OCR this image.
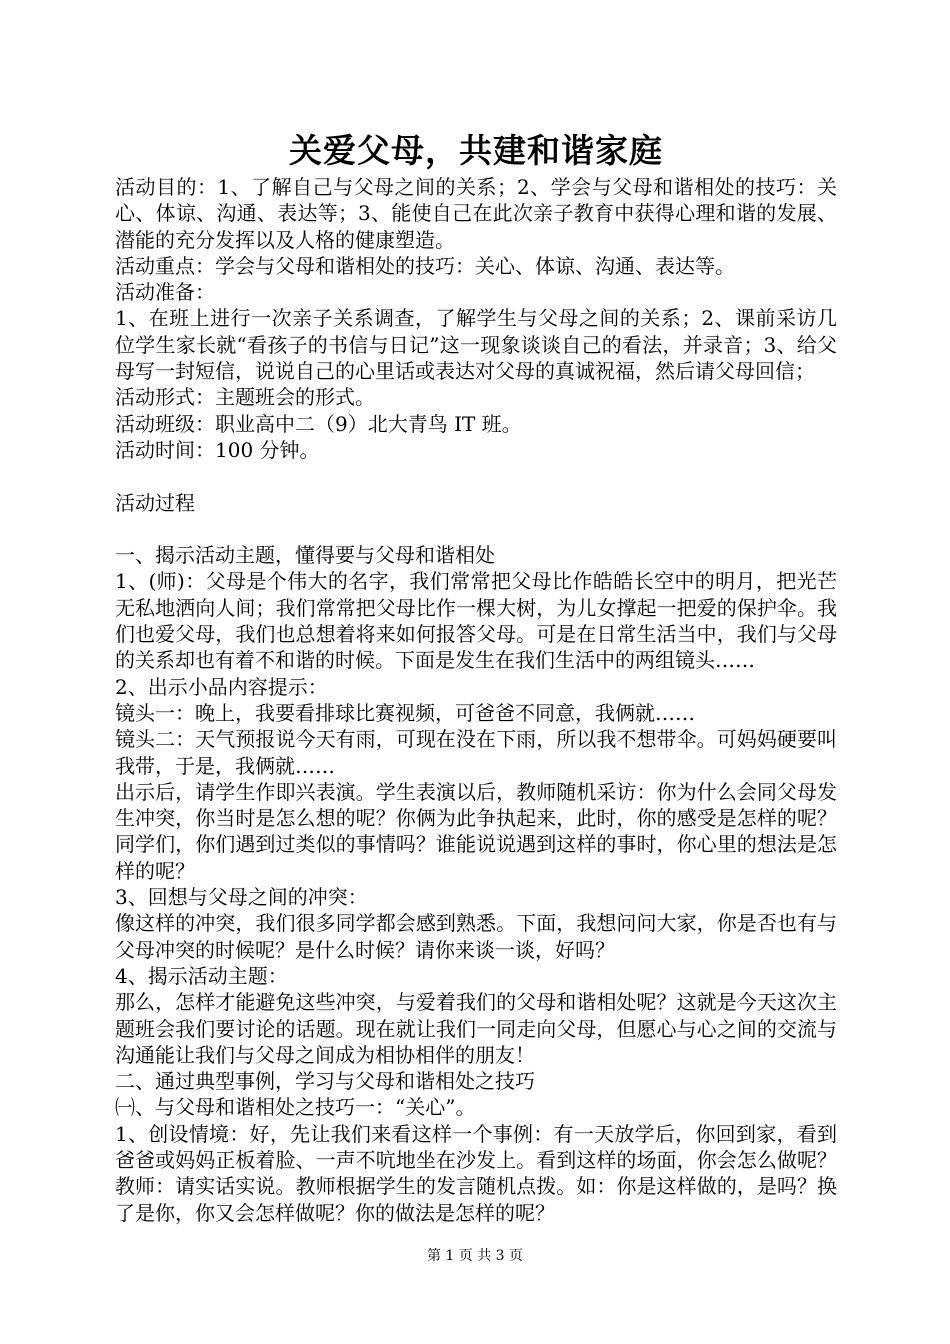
关爱父母，共建和谐家庭

活动目的：1、了解自己与父母之间的关系；2、学会与父母和谐相处的技巧：关心、体谅、沟通、表达等；3、能使自己在此次亲子教育中获得心理和谐的发展、潜能的充分发挥以及人格的健康塑造。

活动重点：学会与父母和谐相处的技巧：关心、体谅、沟通、表达等。

活动准备：

1、在班上进行一次亲子关系调查，了解学生与父母之间的关系；2、课前采访几位学生家长就“看孩子的书信与日记”这一现象谈谈自己的看法，并录音；3、给父母写一封短信，说说自己的心里话或表达对父母的真诚祝福，然后请父母回信；

活动形式：主题班会的形式。

活动班级：职业高中二（9）北大青鸟 IT 班。

活动时间：100 分钟。

活动过程

一、揭示活动主题，懂得要与父母和谐相处

1、(师)：父母是个伟大的名字，我们常常把父母比作皓皓长空中的明月，把光芒无私地洒向人间；我们常常把父母比作一棵大树，为儿女撑起一把爱的保护伞。我们也爱父母，我们也总想着将来如何报答父母。可是在日常生活当中，我们与父母的关系却也有着不和谐的时候。下面是发生在我们生活中的两组镜头……

2、出示小品内容提示：

镜头一：晚上，我要看排球比赛视频，可爸爸不同意，我俩就……

镜头二：天气预报说今天有雨，可现在没在下雨，所以我不想带伞。可妈妈硬要叫我带，于是，我俩就……

出示后，请学生作即兴表演。学生表演以后，教师随机采访：你为什么会同父母发生冲突，你当时是怎么想的呢？你俩为此争执起来，此时，你的感受是怎样的呢？同学们，你们遇到过类似的事情吗？谁能说说遇到这样的事时，你心里的想法是怎样的呢？

3、回想与父母之间的冲突：

像这样的冲突，我们很多同学都会感到熟悉。下面，我想问问大家，你是否也有与父母冲突的时候呢？是什么时候？请你来谈一谈，好吗？

4、揭示活动主题：

那么，怎样才能避免这些冲突，与爱着我们的父母和谐相处呢？这就是今天这次主题班会我们要讨论的话题。现在就让我们一同走向父母，但愿心与心之间的交流与沟通能让我们与父母之间成为相协相伴的朋友！

二、通过典型事例，学习与父母和谐相处之技巧

㈠、与父母和谐相处之技巧一：“关心”。

1、创设情境：好，先让我们来看这样一个事例：有一天放学后，你回到家，看到爸爸或妈妈正板着脸、一声不吭地坐在沙发上。看到这样的场面，你会怎么做呢？教师：请实话实说。教师根据学生的发言随机点拨。如：你是这样做的，是吗？换了是你，你又会怎样做呢？你的做法是怎样的呢？

第 1 页 共 3 页
